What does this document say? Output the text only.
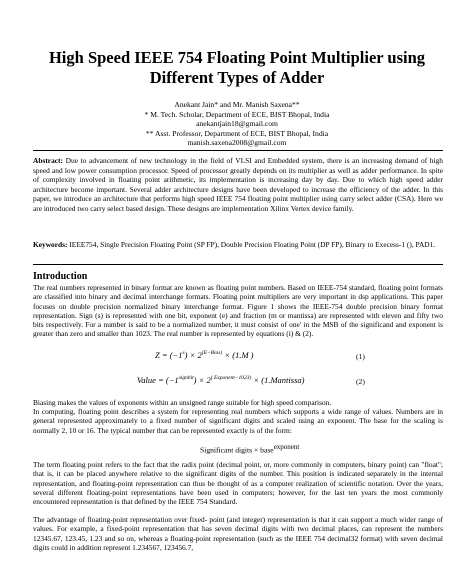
High Speed IEEE 754 Floating Point Multiplier using Different Types of Adder
Anekant Jain* and Mr. Manish Saxena**
* M. Tech. Scholar, Department of ECE, BIST Bhopal, India
anekantjain18@gmail.com
** Asst. Professor, Department of ECE, BIST Bhopal, India
manish.saxena2008@gmail.com
Abstract: Due to advancement of new technology in the field of VLSI and Embedded system, there is an increasing demand of high speed and low power consumption processor. Speed of processor greatly depends on its multiplier as well as adder performance. In spite of complexity involved in floating point arithmetic, its implementation is increasing day by day. Due to which high speed adder architecture become important. Several adder architecture designs have been developed to increase the efficiency of the adder. In this paper, we introduce an architecture that performs high speed IEEE 754 floating point multiplier using carry select adder (CSA). Here we are introduced two carry select based design. These designs are implementation Xilinx Vertex device family.
Keywords: IEEE754, Single Precision Floating Point (SP FP), Double Precision Floating Point (DP FP), Binary to Execess-1 (), PAD1.
Introduction
The real numbers represented in binary format are known as floating point numbers. Based on IEEE-754 standard, floating point formats are classified into binary and decimal interchange formats. Floating point multipliers are very important in dsp applications. This paper focuses on double precision normalized binary interchange format. Figure 1 shows the IEEE-754 double precision binary format representation. Sign (s) is represented with one bit, exponent (e) and fraction (m or mantissa) are represented with eleven and fifty two bits respectively. For a number is said to be a normalized number, it must consist of one' in the MSB of the significand and exponent is greater than zero and smaller than 1023. The real number is represented by equations (i) & (2).
$Z = (-1^s) \times 2^{(E-Bias)} \times (1.M$ )	(1)
Value = $(-1^{signbit}) \times 2^{( Exponent-1023)}$ × (1.Mantissa)	(2)
Biasing makes the values of exponents within an unsigned range suitable for high speed comparison.
In computing, floating point describes a system for representing real numbers which supports a wide range of values. Numbers are in general represented approximately to a fixed number of significant digits and scaled using an exponent. The base for the scaling is normally 2, 10 or 16. The typical number that can be represented exactly is of the form:
Significant digits × base$^{exponent}$
The term floating point refers to the fact that the radix point (decimal point, or, more commonly in computers, binary point) can "float"; that is, it can be placed anywhere relative to the significant digits of the number. This position is indicated separately in the internal representation, and floating-point representation can thus be thought of as a computer realization of scientific notation. Over the years, several different floating-point representations have been used in computers; however, for the last ten years the most commonly encountered representation is that defined by the IEEE 754 Standard.
The advantage of floating-point representation over fixed- point (and integer) representation is that it can support a much wider range of values. For example, a fixed-point representation that has seven decimal digits with two decimal places, can represent the numbers 12345.67, 123.45, 1.23 and so on, whereas a floating-point representation (such as the IEEE 754 decimal32 format) with seven decimal digits could in addition represent 1.234567, 123456.7,
